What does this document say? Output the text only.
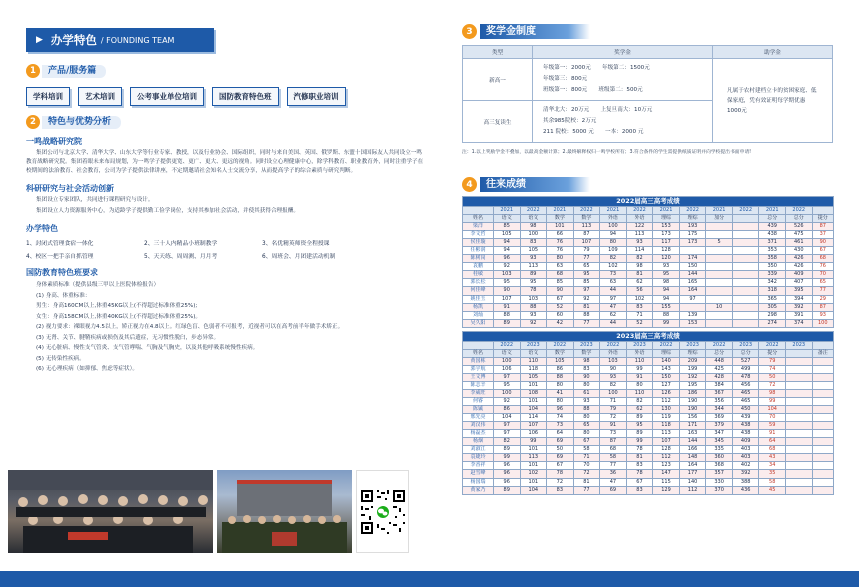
▶ 办学特色 / FOUNDING TEAM
1	产品/服务篇
学科培训	艺术培训	公考事业单位培训	国防教育特色班	汽修职业培训
2	特色与优势分析
一鸣战略研究院

集团公司与北京大学、清华大学、山东大学等行业专家、教授，以及行业协会、国际组织，同时与来自美国、英国、俄罗斯、东盟十国国际友人共同设立一鸣教育战略研究院。集团着眼未来布局规划，为一鸣学子提供更宽、更广、更大、更远的视角。同时设立心理健康中心，除学科教育、职业教育外，同时注重学子在校期间的法治教育、社会教育，公司为学子提供法律讲座，不定期邀请社会知名人士交流分享，从而提高学子的综合素质与研究判断。

科研研究与社会活动创新

集团设立专家团队，共同进行课程研究与设计。

集团设立人力资源服务中心，为适龄学子提供勤工俭学岗位，支持其参加社会活动，并使其获得合理报酬。

办学特色
1、封闭式管理食宿一体化	2、三十人内精品小班制教学	3、名优精英师资全程授课
4、校区一把手亲自抓管理	5、天天练、周周测、月月考	6、周班会、月团建活动机制
国防教育特色班要求
身体素质标准（提供县级三甲以上医院体检报告）
(1) 身高、体重标准：
男生：身高160CM以上,体重45KG以上(不得超过标准体重25%);
女生：身高158CM以上,体重40KG以上(不得超过标准体重25%)。
(2) 视力要求：裸眼视力4.5以上，矫正视力在4.8以上。红绿色盲、色弱者不可报考，近视者可以在高考前半年做手术矫正。
(3) 无肾、关节、腱鞘疾病或损伤及其后遗症，无习惯性脱臼，步态异常。
(4) 无心脏病、慢性支气管炎、支气管哮喘、气胸及气胸史，以及其他呼吸系统慢性疾病。
(5) 无传染性疾病。
(6) 无心理疾病（如抑郁、焦虑等症状）。
3	奖学金制度
类型	奖学金	助学金
新高一	年级第一：2000元　　年级第二：1500元
年级第三：800元
班级第一：800元　　班级第二：500元	凡属于农村建档立卡的贫困家庭、低保家庭，凭有效证明每学期优惠1000元
高三复读生	清华北大：20万元　　上复旦南大：10万元
其余985院校：2万元
211 院校：5000 元　　一本：2000 元	
注：1.以上奖励学金不叠加，以最高金额计算；2.最终解释权归一鸣学校所有；3.符合条件的学生需提供纸质证明并向学校提出书面申请!
4	往来成绩
2022届高三高考成绩													
	2021	2022	2021	2022	2021	2022	2021	2022	2021	2022	2021	2022	
姓名	语文	语文	数学	数学	外语	外语	理综	理综	加分		总分	总分	提分
梁洋	85	98	101	113	100	122	153	193			439	526	87
李文哲	105	100	66	87	94	113	173	175			438	475	37
侯佳璇	94	83	76	107	80	93	117	173	5		371	461	90
任彬润	94	105	76	79	109	114	128				353	430	67
陈树岗	96	93	80	77	82	82	120	174			358	426	68
袁鹏	92	113	63	65	102	98	93	150			350	426	76
桂敏	103	89	68	95	73	81	95	144			339	409	70
郭长松	95	95	85	85	63	62	98	165			342	407	65
何佳峰	90	78	90	97	44	56	94	164			318	395	77
姚佳玉	107	103	67	92	97	102	94	97			365	394	29
杨凯	91	88	52	81	47	83	155		10		305	392	87
刘灿	88	93	60	88	62	71	88	139			298	391	93
吴久阳	89	92	42	77	44	52	99	153			274	374	100
2023届高三高考成绩													
	2022	2023	2022	2023	2022	2023	2022	2023	2022	2023	2022	2023	
姓名	语文	语文	数学	数学	外语	外语	理综	理综	总分	总分	提分		备注
黄国栋	100	110	105	98	103	110	140	209	448	527	79		
郭宇航	106	118	86	83	90	99	143	199	425	499	74		
王文博	97	105	88	90	93	91	150	192	428	478	50		
陈志辛	95	101	80	80	82	80	127	195	384	456	72		
李威旺	100	108	41	61	100	110	126	186	367	465	98		
何睿	92	101	80	93	71	82	112	190	356	465	99		
陈铖	86	104	96	88	79	62	130	190	344	450	104		
邢先亮	104	114	74	80	72	89	119	156	369	439	70		
刘汉伟	97	107	73	65	91	95	118	171	379	438	59		
杨磊杰	97	106	64	80	73	89	113	163	347	438	91		
杨烟	82	99	69	67	87	99	107	144	345	409	64		
刘淑江	89	101	50	58	68	78	128	166	335	403	68		
袁婕玲	99	113	69	71	58	81	112	148	360	403	43		
李香祥	96	101	67	70	77	83	123	164	368	402	34		
赵雪峰	96	102	78	72	36	78	147	177	357	392	35		
杨国瑞	96	101	72	81	47	67	115	140	330	388	58		
黄家乃	89	104	83	77	69	83	129	112	370	436	45		
